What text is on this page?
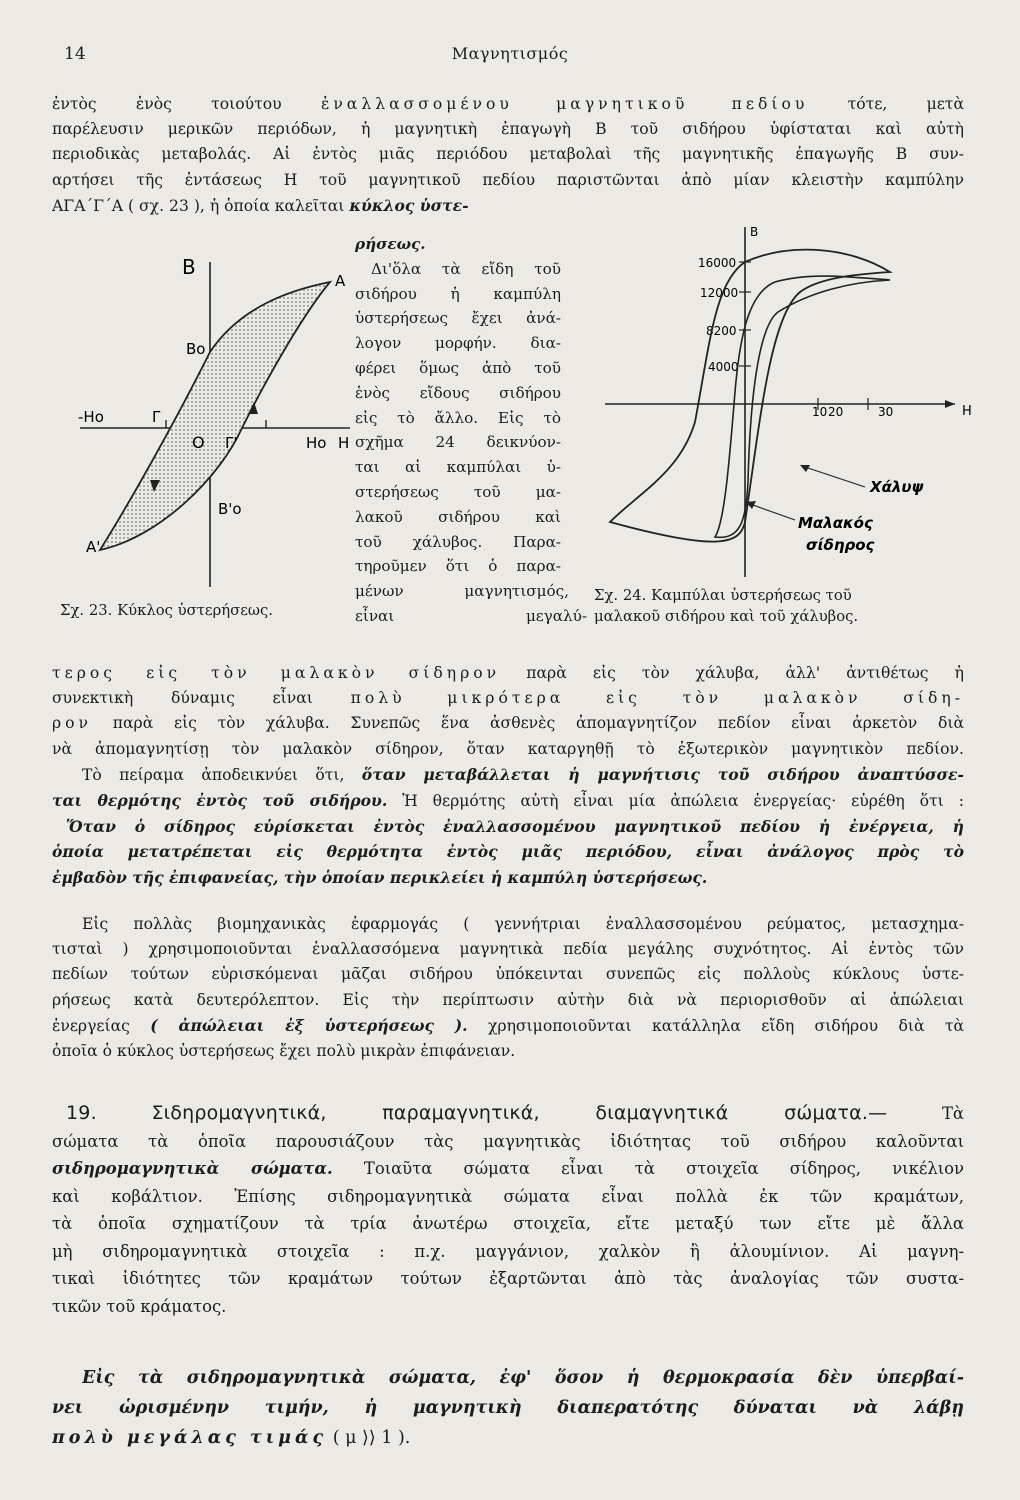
14	Μαγνητισμός
ἐντὸς ἑνὸς τοιούτου	ἐναλλασσομένου μαγνητικοῦ πεδίου	τότε, μετὰ
παρέλευσιν μερικῶν περιόδων, ἡ μαγνητικὴ ἐπαγωγὴ Β τοῦ σιδήρου ὑφίσταται καὶ αὐτὴ
περιοδικὰς μεταβολάς. Αἱ ἐντὸς μιᾶς περιόδου μεταβολαὶ τῆς μαγνητικῆς ἐπαγωγῆς Β συν-
αρτήσει τῆς ἐντάσεως Η τοῦ μαγνητικοῦ πεδίου παριστῶνται ἀπὸ μίαν κλειστὴν καμπύλην
ΑΓΑ΄Γ΄Α ( σχ. 23 ), ἡ ὁποία καλεῖται κύκλος ὑστε-
B
A
Bo
-Ho	Γ
O Γ'	Ho H
B'o
A'
Σχ. 23. Κύκλος ὑστερήσεως.
ρήσεως.
Δι'ὅλα τὰ εἴδη τοῦ
σιδήρου ἡ καμπύλη
ὑστερήσεως ἔχει ἀνά-
λογον μορφήν. δια-
φέρει ὅμως ἀπὸ τοῦ
ἑνὸς εἴδους σιδήρου
εἰς τὸ ἄλλο. Εἰς τὸ
σχῆμα 24 δεικνύον-
ται αἱ καμπύλαι ὑ-
στερήσεως τοῦ μα-
λακοῦ σιδήρου καὶ
τοῦ χάλυβος. Παρα-
τηροῦμεν ὅτι ὁ παρα-
μένων μαγνητισμός,
εἶναι μεγαλύ-
B
H
16000
12000
8200
4000
10 20	30
Χάλυψ
Μαλακός
σίδηρος
Σχ. 24. Καμπύλαι ὑστερήσεως τοῦ
μαλακοῦ σιδήρου καὶ τοῦ χάλυβος.
τερος εἰς τὸν μαλακὸν σίδηρον παρὰ εἰς τὸν χάλυβα, ἀλλ' ἀντιθέτως ἡ
συνεκτικὴ δύναμις εἶναι πολὺ μικρότερα εἰς τὸν μαλακὸν σίδη-
ρον παρὰ εἰς τὸν χάλυβα. Συνεπῶς ἕνα ἀσθενὲς ἀπομαγνητίζον πεδίον εἶναι ἀρκετὸν διὰ
νὰ ἀπομαγνητίσῃ τὸν μαλακὸν σίδηρον, ὅταν καταργηθῇ τὸ ἐξωτερικὸν μαγνητικὸν πεδίον.
Τὸ πείραμα ἀποδεικνύει ὅτι, ὅταν μεταβάλλεται ἡ μαγνήτισις τοῦ σιδήρου ἀναπτύσσε-
ται θερμότης ἐντὸς τοῦ σιδήρου. Ἡ θερμότης αὐτὴ εἶναι μία ἀπώλεια ἐνεργείας· εὑρέθη ὅτι :
Ὅταν ὁ σίδηρος εὑρίσκεται ἐντὸς ἐναλλασσομένου μαγνητικοῦ πεδίου ἡ ἐνέργεια, ἡ
ὁποία μετατρέπεται εἰς θερμότητα ἐντὸς μιᾶς περιόδου, εἶναι ἀνάλογος πρὸς τὸ
ἐμβαδὸν τῆς ἐπιφανείας, τὴν ὁποίαν περικλείει ἡ καμπύλη ὑστερήσεως.
Εἰς πολλὰς βιομηχανικὰς ἐφαρμογάς ( γεννήτριαι ἐναλλασσομένου ρεύματος, μετασχημα-
τισταὶ ) χρησιμοποιοῦνται ἐναλλασσόμενα μαγνητικὰ πεδία μεγάλης συχνότητος. Αἱ ἐντὸς τῶν
πεδίων τούτων εὑρισκόμεναι μᾶζαι σιδήρου ὑπόκεινται συνεπῶς εἰς πολλοὺς κύκλους ὑστε-
ρήσεως κατὰ δευτερόλεπτον. Εἰς τὴν περίπτωσιν αὐτὴν διὰ νὰ περιορισθοῦν αἱ ἀπώλειαι
ἐνεργείας ( ἀπώλειαι ἐξ ὑστερήσεως ). χρησιμοποιοῦνται κατάλληλα εἴδη σιδήρου διὰ τὰ
ὁποῖα ὁ κύκλος ὑστερήσεως ἔχει πολὺ μικρὰν ἐπιφάνειαν.
19.	Σιδηρομαγνητικά, παραμαγνητικά, διαμαγνητικά σώματα.—	Τὰ
σώματα τὰ ὁποῖα παρουσιάζουν τὰς μαγνητικὰς ἰδιότητας τοῦ σιδήρου καλοῦνται
σιδηρομαγνητικὰ σώματα. Τοιαῦτα σώματα εἶναι τὰ στοιχεῖα σίδηρος, νικέλιον
καὶ κοβάλτιον. Ἐπίσης σιδηρομαγνητικὰ σώματα εἶναι πολλὰ ἐκ τῶν κραμάτων,
τὰ ὁποῖα σχηματίζουν τὰ τρία ἀνωτέρω στοιχεῖα, εἴτε μεταξύ των εἴτε μὲ ἄλλα
μὴ σιδηρομαγνητικὰ στοιχεῖα : π.χ. μαγγάνιον, χαλκὸν ἢ ἀλουμίνιον. Αἱ μαγνη-
τικαὶ ἰδιότητες τῶν κραμάτων τούτων ἐξαρτῶνται ἀπὸ τὰς ἀναλογίας τῶν συστα-
τικῶν τοῦ κράματος.
Εἰς τὰ σιδηρομαγνητικὰ σώματα, ἐφ' ὅσον ἡ θερμοκρασία δὲν ὑπερβαί-
νει ὡρισμένην τιμήν, ἡ μαγνητικὴ διαπερατότης δύναται νὰ λάβῃ
πολὺ μεγάλας τιμάς ( μ ⟩⟩ 1 ).
